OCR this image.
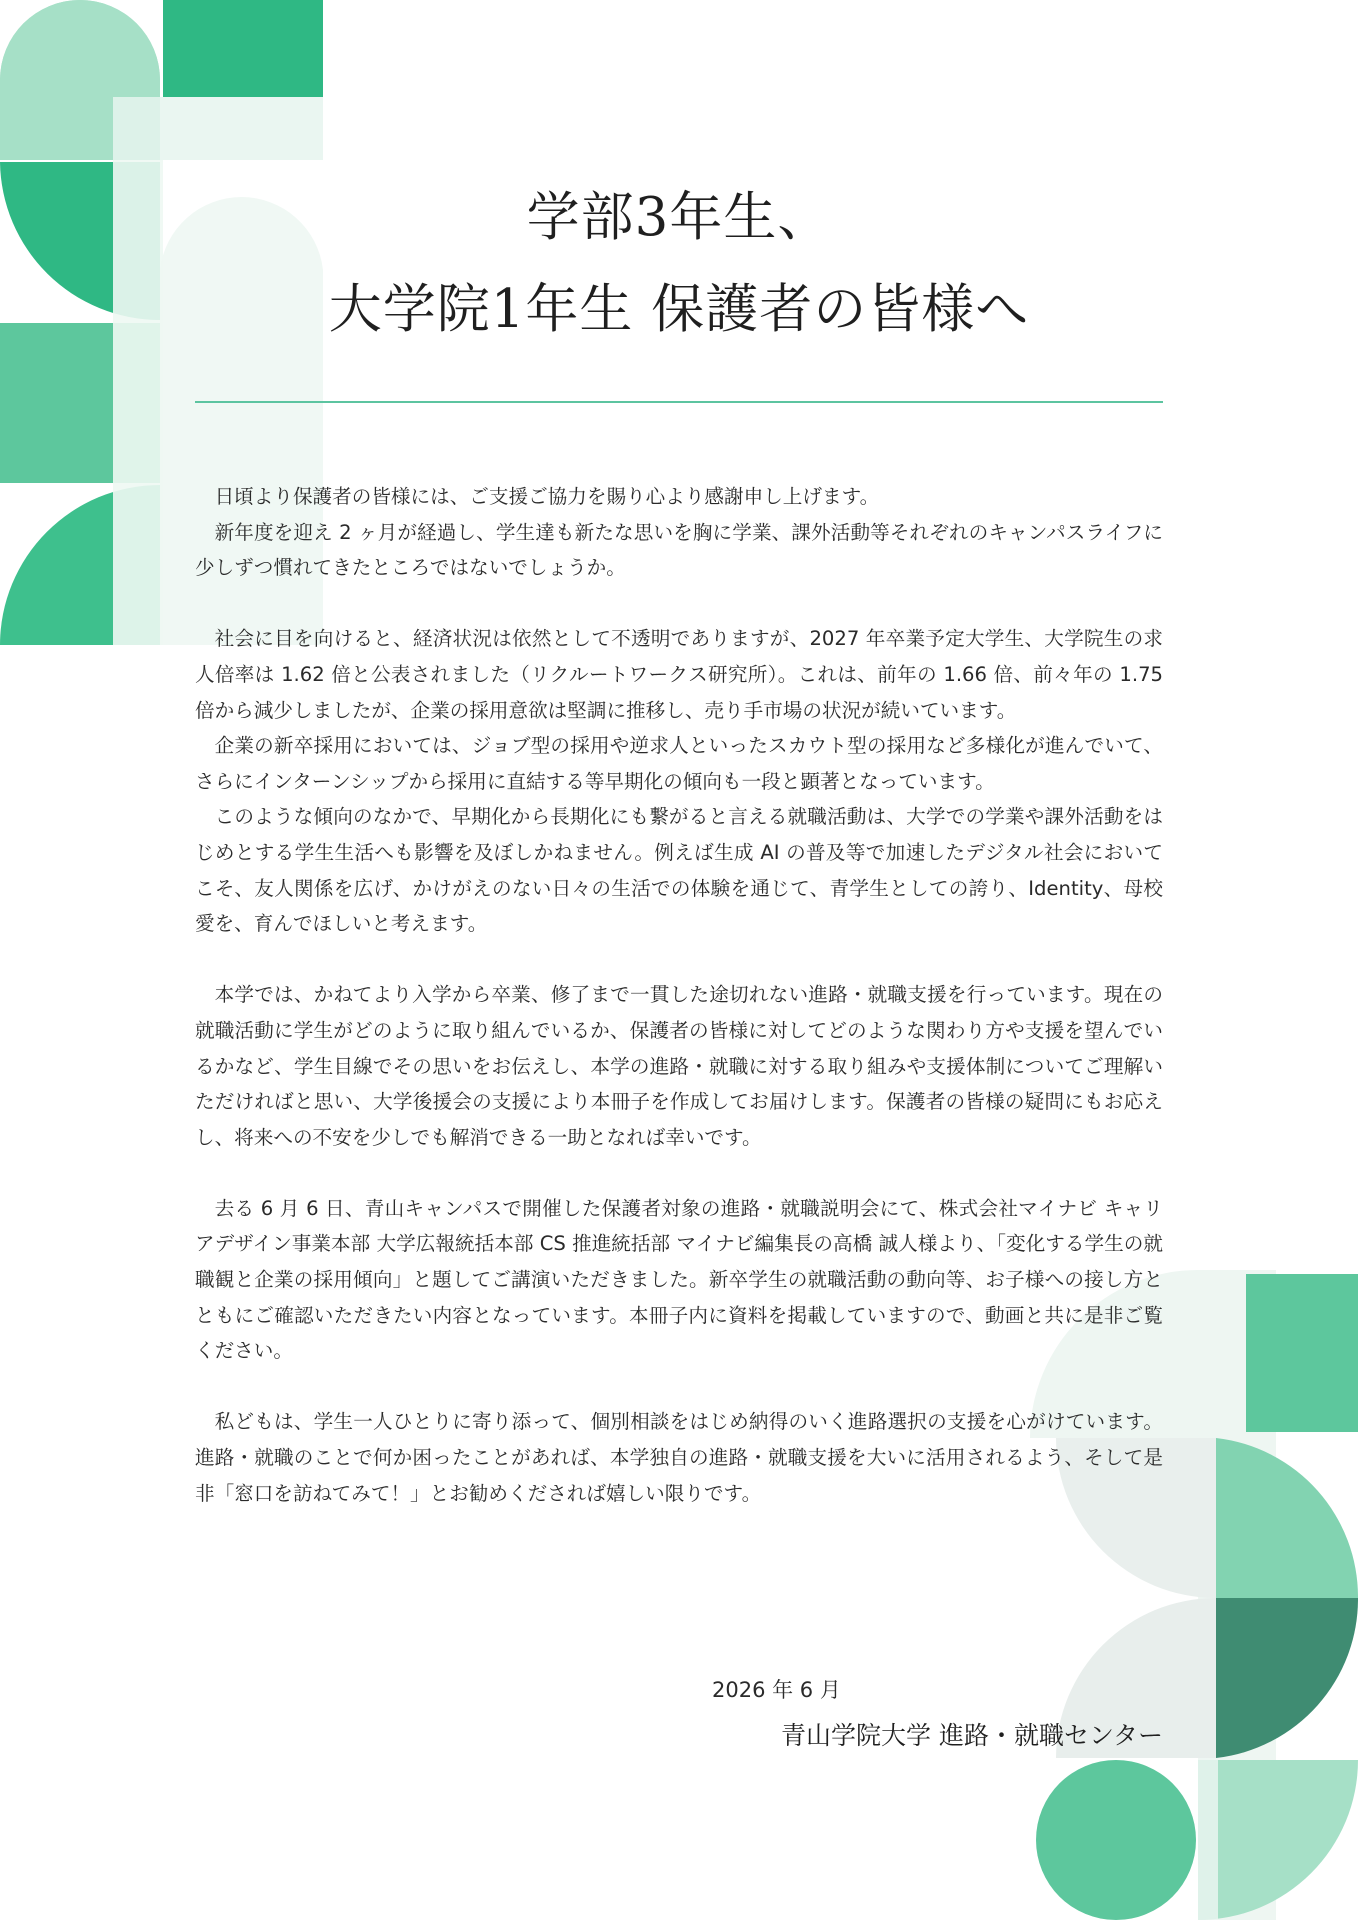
学部3年生、
大学院1年生 保護者の皆様へ

日頃より保護者の皆様には、ご支援ご協力を賜り心より感謝申し上げます。

新年度を迎え 2 ヶ月が経過し、学生達も新たな思いを胸に学業、課外活動等それぞれのキャンパスライフに少しずつ慣れてきたところではないでしょうか。

社会に目を向けると、経済状況は依然として不透明でありますが、2027 年卒業予定大学生、大学院生の求人倍率は 1.62 倍と公表されました（リクルートワークス研究所）。これは、前年の 1.66 倍、前々年の 1.75 倍から減少しましたが、企業の採用意欲は堅調に推移し、売り手市場の状況が続いています。

企業の新卒採用においては、ジョブ型の採用や逆求人といったスカウト型の採用など多様化が進んでいて、さらにインターンシップから採用に直結する等早期化の傾向も一段と顕著となっています。

このような傾向のなかで、早期化から長期化にも繋がると言える就職活動は、大学での学業や課外活動をはじめとする学生生活へも影響を及ぼしかねません。例えば生成 AI の普及等で加速したデジタル社会においてこそ、友人関係を広げ、かけがえのない日々の生活での体験を通じて、青学生としての誇り、Identity、母校愛を、育んでほしいと考えます。

本学では、かねてより入学から卒業、修了まで一貫した途切れない進路・就職支援を行っています。現在の就職活動に学生がどのように取り組んでいるか、保護者の皆様に対してどのような関わり方や支援を望んでいるかなど、学生目線でその思いをお伝えし、本学の進路・就職に対する取り組みや支援体制についてご理解いただければと思い、大学後援会の支援により本冊子を作成してお届けします。保護者の皆様の疑問にもお応えし、将来への不安を少しでも解消できる一助となれば幸いです。

去る 6 月 6 日、青山キャンパスで開催した保護者対象の進路・就職説明会にて、株式会社マイナビ キャリアデザイン事業本部 大学広報統括本部 CS 推進統括部 マイナビ編集長の高橋 誠人様より、「変化する学生の就職観と企業の採用傾向」と題してご講演いただきました。新卒学生の就職活動の動向等、お子様への接し方とともにご確認いただきたい内容となっています。本冊子内に資料を掲載していますので、動画と共に是非ご覧ください。

私どもは、学生一人ひとりに寄り添って、個別相談をはじめ納得のいく進路選択の支援を心がけています。進路・就職のことで何か困ったことがあれば、本学独自の進路・就職支援を大いに活用されるよう、そして是非「窓口を訪ねてみて！」とお勧めくだされば嬉しい限りです。

2026 年 6 月
青山学院大学 進路・就職センター
